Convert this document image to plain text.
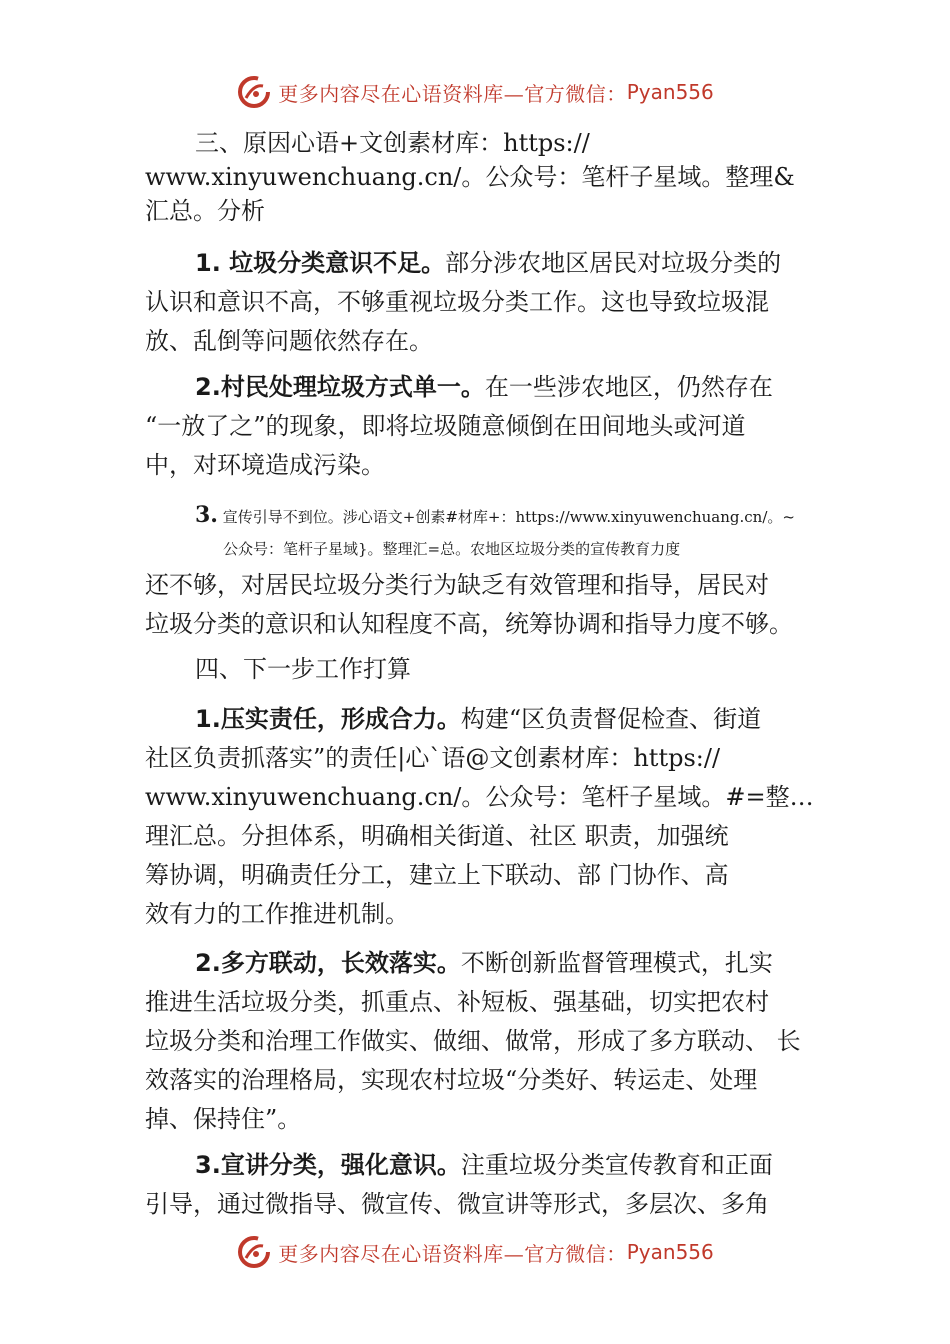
更多内容尽在心语资料库—官方微信： Pyan556
三、原因心语+文创素材库：https://
www.xinyuwenchuang.cn/。公众号：笔杆子星域。整理&
汇总。分析
1. 垃圾分类意识不足。部分涉农地区居民对垃圾分类的
认识和意识不高，不够重视垃圾分类工作。这也导致垃圾混
放、乱倒等问题依然存在。
2.村民处理垃圾方式单一。在一些涉农地区，仍然存在
“一放了之”的现象，即将垃圾随意倾倒在田间地头或河道
中，对环境造成污染。
3. 宣传引导不到位。涉心语文+创素#材库+：https://www.xinyuwenchuang.cn/。~
公众号：笔杆子星域}。整理汇=总。农地区垃圾分类的宣传教育力度
还不够，对居民垃圾分类行为缺乏有效管理和指导，居民对
垃圾分类的意识和认知程度不高，统筹协调和指导力度不够。
四、下一步工作打算
1.压实责任，形成合力。构建“区负责督促检查、街道
社区负责抓落实”的责任|心`语@文创素材库：https://
www.xinyuwenchuang.cn/。公众号：笔杆子星域。#=整…
理汇总。分担体系，明确相关街道、社区 职责，加强统
筹协调，明确责任分工，建立上下联动、部 门协作、高
效有力的工作推进机制。
2.多方联动，长效落实。不断创新监督管理模式，扎实
推进生活垃圾分类，抓重点、补短板、强基础，切实把农村
垃圾分类和治理工作做实、做细、做常，形成了多方联动、 长
效落实的治理格局，实现农村垃圾“分类好、转运走、处理
掉、保持住”。
3.宣讲分类，强化意识。注重垃圾分类宣传教育和正面
引导，通过微指导、微宣传、微宣讲等形式，多层次、多角
更多内容尽在心语资料库—官方微信： Pyan556
